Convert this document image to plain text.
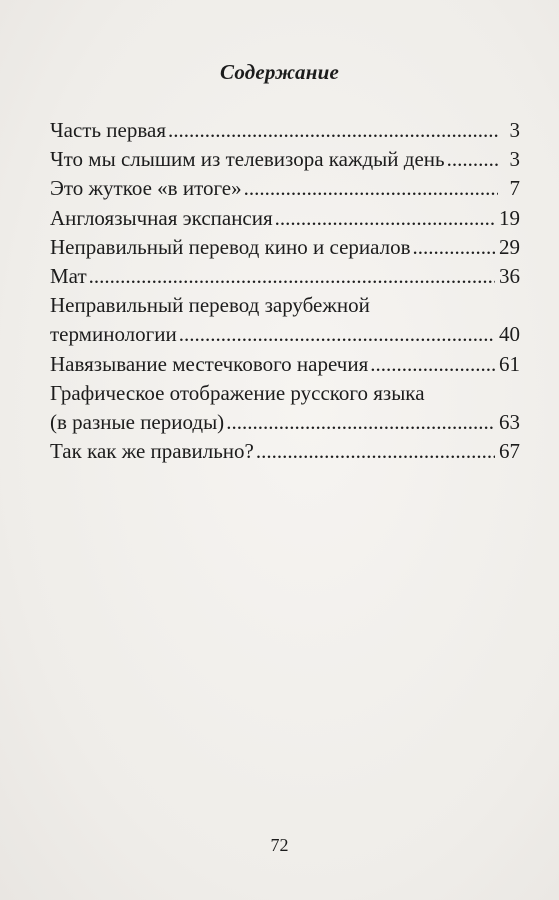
Содержание
Часть первая .....	3
Что мы слышим из телевизора каждый день .....	3
Это жуткое «в итоге» .....	7
Англоязычная экспансия .....	19
Неправильный перевод кино и сериалов .....	29
Мат .....	36
Неправильный перевод зарубежной
терминологии .....	40
Навязывание местечкового наречия .....	61
Графическое отображение русского языка
(в разные периоды) .....	63
Так как же правильно? .....	67
72
